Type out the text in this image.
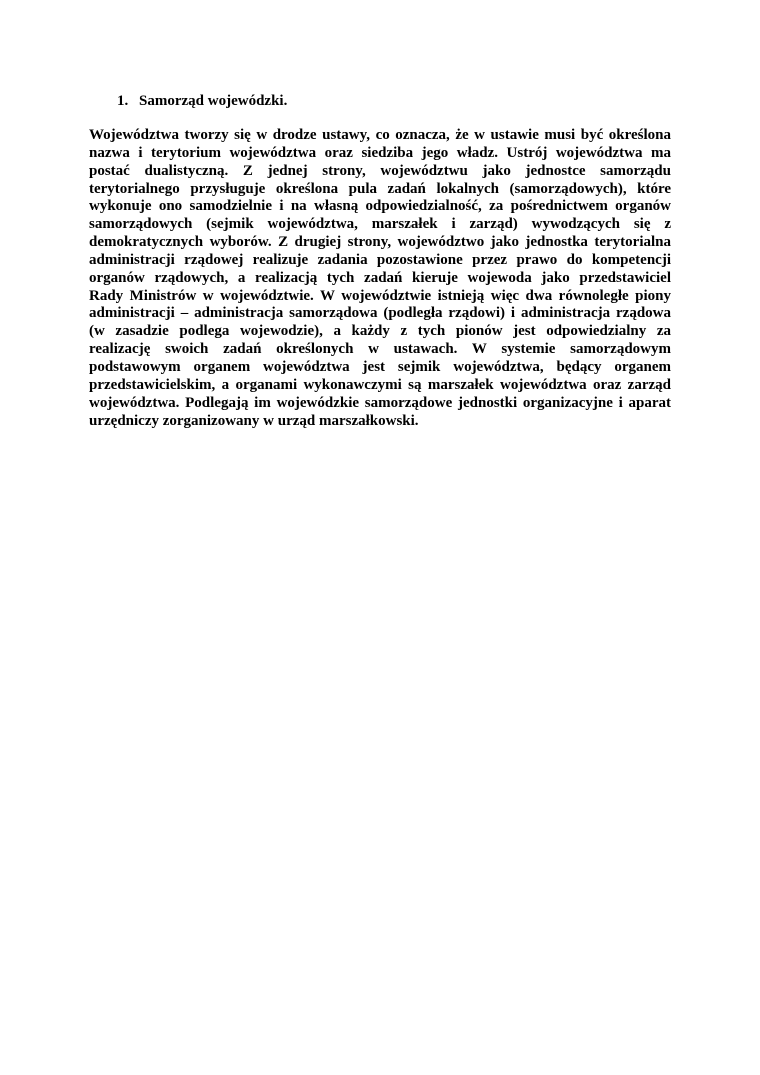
1. Samorząd wojewódzki.
Województwa tworzy się w drodze ustawy, co oznacza, że w ustawie musi być określona
nazwa i terytorium województwa oraz siedziba jego władz. Ustrój województwa ma
postać dualistyczną. Z jednej strony, województwu jako jednostce samorządu
terytorialnego przysługuje określona pula zadań lokalnych (samorządowych), które
wykonuje ono samodzielnie i na własną odpowiedzialność, za pośrednictwem organów
samorządowych (sejmik województwa, marszałek i zarząd) wywodzących się z
demokratycznych wyborów. Z drugiej strony, województwo jako jednostka terytorialna
administracji rządowej realizuje zadania pozostawione przez prawo do kompetencji
organów rządowych, a realizacją tych zadań kieruje wojewoda jako przedstawiciel
Rady Ministrów w województwie. W województwie istnieją więc dwa równoległe piony
administracji – administracja samorządowa (podległa rządowi) i administracja rządowa
(w zasadzie podlega wojewodzie), a każdy z tych pionów jest odpowiedzialny za
realizację swoich zadań określonych w ustawach. W systemie samorządowym
podstawowym organem województwa jest sejmik województwa, będący organem
przedstawicielskim, a organami wykonawczymi są marszałek województwa oraz zarząd
województwa. Podlegają im wojewódzkie samorządowe jednostki organizacyjne i aparat
urzędniczy zorganizowany w urząd marszałkowski.
